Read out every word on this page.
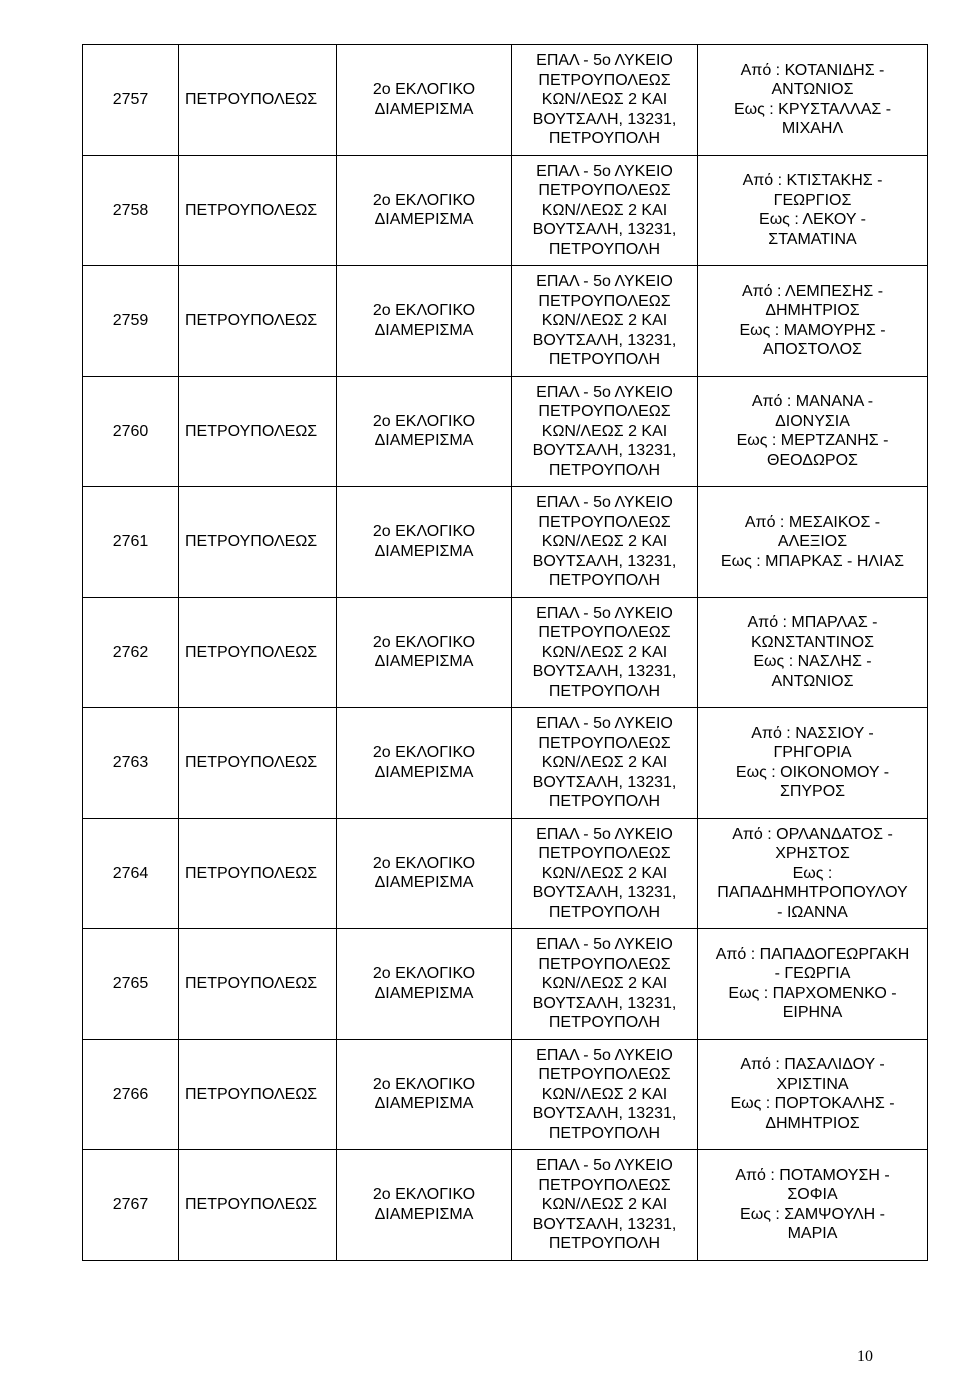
2757	ΠΕΤΡΟΥΠΟΛΕΩΣ	2ο ΕΚΛΟΓΙΚΟ
ΔΙΑΜΕΡΙΣΜΑ	ΕΠΑΛ - 5ο ΛΥΚΕΙΟ
ΠΕΤΡΟΥΠΟΛΕΩΣ
ΚΩΝ/ΛΕΩΣ 2 ΚΑΙ
ΒΟΥΤΣΑΛΗ, 13231,
ΠΕΤΡΟΥΠΟΛΗ	Από : ΚΟΤΑΝΙΔΗΣ -
ΑΝΤΩΝΙΟΣ
Εως : ΚΡΥΣΤΑΛΛΑΣ -
ΜΙΧΑΗΛ

2758	ΠΕΤΡΟΥΠΟΛΕΩΣ	2ο ΕΚΛΟΓΙΚΟ
ΔΙΑΜΕΡΙΣΜΑ	ΕΠΑΛ - 5ο ΛΥΚΕΙΟ
ΠΕΤΡΟΥΠΟΛΕΩΣ
ΚΩΝ/ΛΕΩΣ 2 ΚΑΙ
ΒΟΥΤΣΑΛΗ, 13231,
ΠΕΤΡΟΥΠΟΛΗ	Από : ΚΤΙΣΤΑΚΗΣ -
ΓΕΩΡΓΙΟΣ
Εως : ΛΕΚΟΥ -
ΣΤΑΜΑΤΙΝΑ

2759	ΠΕΤΡΟΥΠΟΛΕΩΣ	2ο ΕΚΛΟΓΙΚΟ
ΔΙΑΜΕΡΙΣΜΑ	ΕΠΑΛ - 5ο ΛΥΚΕΙΟ
ΠΕΤΡΟΥΠΟΛΕΩΣ
ΚΩΝ/ΛΕΩΣ 2 ΚΑΙ
ΒΟΥΤΣΑΛΗ, 13231,
ΠΕΤΡΟΥΠΟΛΗ	Από : ΛΕΜΠΕΣΗΣ -
ΔΗΜΗΤΡΙΟΣ
Εως : ΜΑΜΟΥΡΗΣ -
ΑΠΟΣΤΟΛΟΣ

2760	ΠΕΤΡΟΥΠΟΛΕΩΣ	2ο ΕΚΛΟΓΙΚΟ
ΔΙΑΜΕΡΙΣΜΑ	ΕΠΑΛ - 5ο ΛΥΚΕΙΟ
ΠΕΤΡΟΥΠΟΛΕΩΣ
ΚΩΝ/ΛΕΩΣ 2 ΚΑΙ
ΒΟΥΤΣΑΛΗ, 13231,
ΠΕΤΡΟΥΠΟΛΗ	Από : ΜΑΝΑΝΑ -
ΔΙΟΝΥΣΙΑ
Εως : ΜΕΡΤΖΑΝΗΣ -
ΘΕΟΔΩΡΟΣ

2761	ΠΕΤΡΟΥΠΟΛΕΩΣ	2ο ΕΚΛΟΓΙΚΟ
ΔΙΑΜΕΡΙΣΜΑ	ΕΠΑΛ - 5ο ΛΥΚΕΙΟ
ΠΕΤΡΟΥΠΟΛΕΩΣ
ΚΩΝ/ΛΕΩΣ 2 ΚΑΙ
ΒΟΥΤΣΑΛΗ, 13231,
ΠΕΤΡΟΥΠΟΛΗ	Από : ΜΕΣΑΙΚΟΣ -
ΑΛΕΞΙΟΣ
Εως : ΜΠΑΡΚΑΣ - ΗΛΙΑΣ

2762	ΠΕΤΡΟΥΠΟΛΕΩΣ	2ο ΕΚΛΟΓΙΚΟ
ΔΙΑΜΕΡΙΣΜΑ	ΕΠΑΛ - 5ο ΛΥΚΕΙΟ
ΠΕΤΡΟΥΠΟΛΕΩΣ
ΚΩΝ/ΛΕΩΣ 2 ΚΑΙ
ΒΟΥΤΣΑΛΗ, 13231,
ΠΕΤΡΟΥΠΟΛΗ	Από : ΜΠΑΡΛΑΣ -
ΚΩΝΣΤΑΝΤΙΝΟΣ
Εως : ΝΑΣΛΗΣ -
ΑΝΤΩΝΙΟΣ

2763	ΠΕΤΡΟΥΠΟΛΕΩΣ	2ο ΕΚΛΟΓΙΚΟ
ΔΙΑΜΕΡΙΣΜΑ	ΕΠΑΛ - 5ο ΛΥΚΕΙΟ
ΠΕΤΡΟΥΠΟΛΕΩΣ
ΚΩΝ/ΛΕΩΣ 2 ΚΑΙ
ΒΟΥΤΣΑΛΗ, 13231,
ΠΕΤΡΟΥΠΟΛΗ	Από : ΝΑΣΣΙΟΥ -
ΓΡΗΓΟΡΙΑ
Εως : ΟΙΚΟΝΟΜΟΥ -
ΣΠΥΡΟΣ

2764	ΠΕΤΡΟΥΠΟΛΕΩΣ	2ο ΕΚΛΟΓΙΚΟ
ΔΙΑΜΕΡΙΣΜΑ	ΕΠΑΛ - 5ο ΛΥΚΕΙΟ
ΠΕΤΡΟΥΠΟΛΕΩΣ
ΚΩΝ/ΛΕΩΣ 2 ΚΑΙ
ΒΟΥΤΣΑΛΗ, 13231,
ΠΕΤΡΟΥΠΟΛΗ	Από : ΟΡΛΑΝΔΑΤΟΣ -
ΧΡΗΣΤΟΣ
Εως :
ΠΑΠΑΔΗΜΗΤΡΟΠΟΥΛΟΥ
- ΙΩΑΝΝΑ

2765	ΠΕΤΡΟΥΠΟΛΕΩΣ	2ο ΕΚΛΟΓΙΚΟ
ΔΙΑΜΕΡΙΣΜΑ	ΕΠΑΛ - 5ο ΛΥΚΕΙΟ
ΠΕΤΡΟΥΠΟΛΕΩΣ
ΚΩΝ/ΛΕΩΣ 2 ΚΑΙ
ΒΟΥΤΣΑΛΗ, 13231,
ΠΕΤΡΟΥΠΟΛΗ	Από : ΠΑΠΑΔΟΓΕΩΡΓΑΚΗ
- ΓΕΩΡΓΙΑ
Εως : ΠΑΡΧΟΜΕΝΚΟ -
ΕΙΡΗΝΑ

2766	ΠΕΤΡΟΥΠΟΛΕΩΣ	2ο ΕΚΛΟΓΙΚΟ
ΔΙΑΜΕΡΙΣΜΑ	ΕΠΑΛ - 5ο ΛΥΚΕΙΟ
ΠΕΤΡΟΥΠΟΛΕΩΣ
ΚΩΝ/ΛΕΩΣ 2 ΚΑΙ
ΒΟΥΤΣΑΛΗ, 13231,
ΠΕΤΡΟΥΠΟΛΗ	Από : ΠΑΣΑΛΙΔΟΥ -
ΧΡΙΣΤΙΝΑ
Εως : ΠΟΡΤΟΚΑΛΗΣ -
ΔΗΜΗΤΡΙΟΣ

2767	ΠΕΤΡΟΥΠΟΛΕΩΣ	2ο ΕΚΛΟΓΙΚΟ
ΔΙΑΜΕΡΙΣΜΑ	ΕΠΑΛ - 5ο ΛΥΚΕΙΟ
ΠΕΤΡΟΥΠΟΛΕΩΣ
ΚΩΝ/ΛΕΩΣ 2 ΚΑΙ
ΒΟΥΤΣΑΛΗ, 13231,
ΠΕΤΡΟΥΠΟΛΗ	Από : ΠΟΤΑΜΟΥΣΗ -
ΣΟΦΙΑ
Εως : ΣΑΜΨΟΥΛΗ -
ΜΑΡΙΑ
10
